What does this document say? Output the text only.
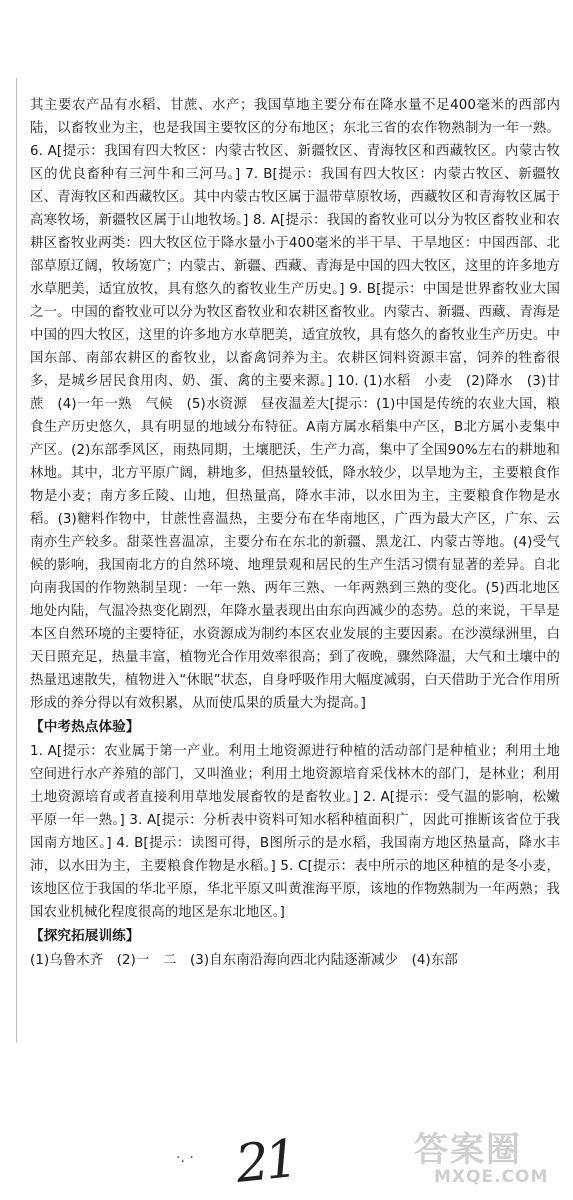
其主要农产品有水稻、甘蔗、水产；我国草地主要分布在降水量不足400毫米的西部内陆，以畜牧业为主，也是我国主要牧区的分布地区；东北三省的农作物熟制为一年一熟。 6. A[提示：我国有四大牧区：内蒙古牧区、新疆牧区、青海牧区和西藏牧区。内蒙古牧区的优良畜种有三河牛和三河马。] 7. B[提示：我国有四大牧区：内蒙古牧区、新疆牧区、青海牧区和西藏牧区。其中内蒙古牧区属于温带草原牧场，西藏牧区和青海牧区属于高寒牧场，新疆牧区属于山地牧场。] 8. A[提示：我国的畜牧业可以分为牧区畜牧业和农耕区畜牧业两类：四大牧区位于降水量小于400毫米的半干旱、干旱地区：中国西部、北部草原辽阔，牧场宽广；内蒙古、新疆、西藏、青海是中国的四大牧区，这里的许多地方水草肥美，适宜放牧，具有悠久的畜牧业生产历史。] 9. B[提示：中国是世界畜牧业大国之一。中国的畜牧业可以分为牧区畜牧业和农耕区畜牧业。内蒙古、新疆、西藏、青海是中国的四大牧区，这里的许多地方水草肥美，适宜放牧，具有悠久的畜牧业生产历史。中国东部、南部农耕区的畜牧业，以畜禽饲养为主。农耕区饲料资源丰富，饲养的牲畜很多，是城乡居民食用肉、奶、蛋、禽的主要来源。] 10. (1)水稻　小麦　(2)降水　(3)甘蔗　(4)一年一熟　气候　(5)水资源　昼夜温差大[提示：(1)中国是传统的农业大国，粮食生产历史悠久，具有明显的地域分布特征。A南方属水稻集中产区，B北方属小麦集中产区。(2)东部季风区，雨热同期，土壤肥沃，生产力高，集中了全国90%左右的耕地和林地。其中，北方平原广阔，耕地多，但热量较低，降水较少，以旱地为主，主要粮食作物是小麦；南方多丘陵、山地，但热量高，降水丰沛，以水田为主，主要粮食作物是水稻。(3)糖料作物中，甘蔗性喜温热，主要分布在华南地区，广西为最大产区，广东、云南亦生产较多。甜菜性喜温凉，主要分布在东北的新疆、黑龙江、内蒙古等地。(4)受气候的影响，我国南北方的自然环境、地理景观和居民的生产生活习惯有显著的差异。自北向南我国的作物熟制呈现：一年一熟、两年三熟、一年两熟到三熟的变化。(5)西北地区地处内陆，气温冷热变化剧烈，年降水量表现出由东向西减少的态势。总的来说，干旱是本区自然环境的主要特征，水资源成为制约本区农业发展的主要因素。在沙漠绿洲里，白天日照充足，热量丰富，植物光合作用效率很高；到了夜晚，骤然降温，大气和土壤中的热量迅速散失，植物进入“休眠”状态，自身呼吸作用大幅度减弱，白天借助于光合作用所形成的养分得以有效积累，从而使瓜果的质量大为提高。]

【中考热点体验】

1. A[提示：农业属于第一产业。利用土地资源进行种植的活动部门是种植业；利用土地空间进行水产养殖的部门，又叫渔业；利用土地资源培育采伐林木的部门，是林业；利用土地资源培育或者直接利用草地发展畜牧的是畜牧业。] 2. A[提示：受气温的影响，松嫩平原一年一熟。] 3. A[提示：分析表中资料可知水稻种植面积广，因此可推断该省位于我国南方地区。] 4. B[提示：读图可得，B图所示的是水稻，我国南方地区热量高，降水丰沛，以水田为主，主要粮食作物是水稻。] 5. C[提示：表中所示的地区种植的是冬小麦，该地区位于我国的华北平原，华北平原又叫黄淮海平原，该地的作物熟制为一年两熟；我国农业机械化程度很高的地区是东北地区。]

【探究拓展训练】

(1)乌鲁木齐　(2)一　二　(3)自东南沿海向西北内陆逐渐减少　(4)东部

·. · 21	答案圈
MXQE.COM
